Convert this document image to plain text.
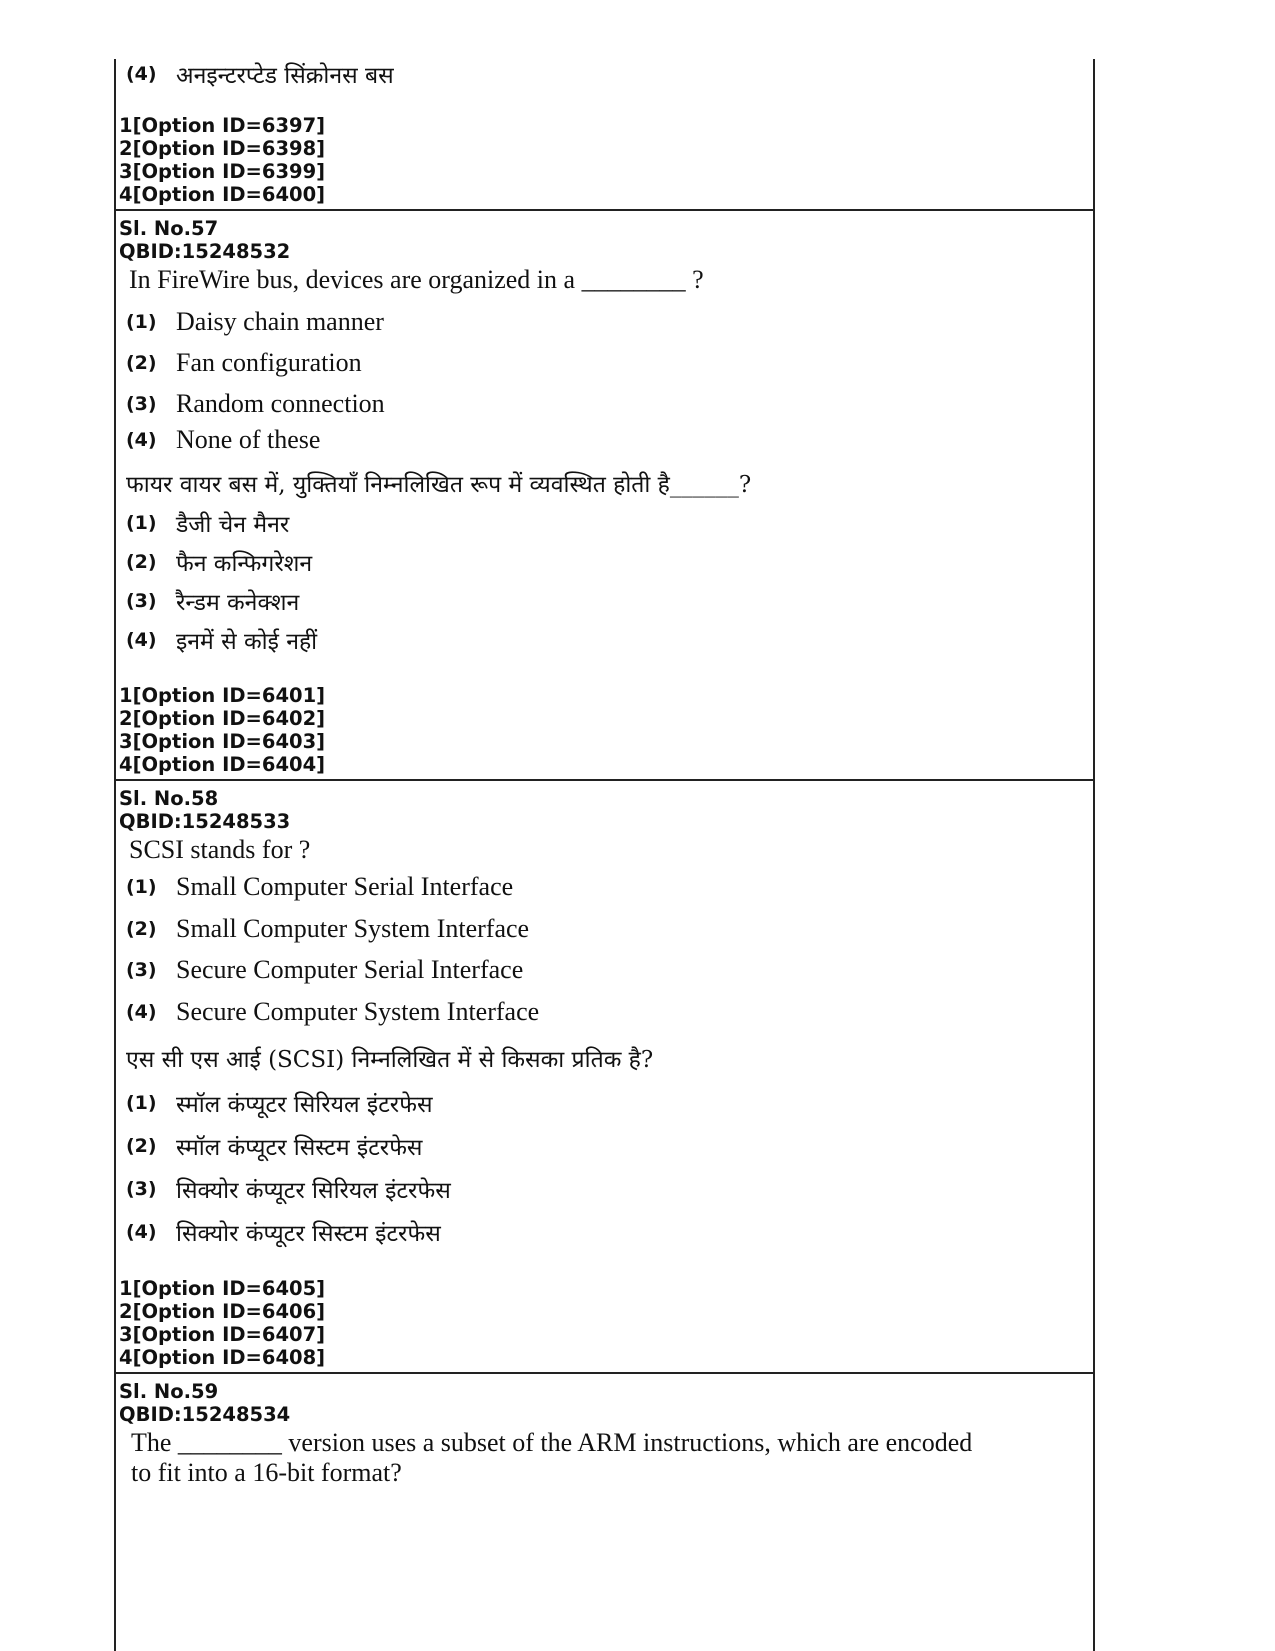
(4) अनइन्टरप्टेड सिंक्रोनस बस

1[Option ID=6397]

2[Option ID=6398]

3[Option ID=6399]

4[Option ID=6400]

Sl. No.57

QBID:15248532

In FireWire bus, devices are organized in a ________ ?
(1) Daisy chain manner
(2) Fan configuration
(3) Random connection
(4) None of these
फायर वायर बस में, युक्तियाँ निम्नलिखित रूप में व्यवस्थित होती है______?
(1) डैजी चेन मैनर
(2) फैन कन्फिगरेशन
(3) रैन्डम कनेक्शन
(4) इनमें से कोई नहीं

1[Option ID=6401]

2[Option ID=6402]

3[Option ID=6403]

4[Option ID=6404]

Sl. No.58

QBID:15248533

SCSI stands for ?
(1) Small Computer Serial Interface
(2) Small Computer System Interface
(3) Secure Computer Serial Interface
(4) Secure Computer System Interface
एस सी एस आई (SCSI) निम्नलिखित में से किसका प्रतिक है?
(1) स्मॉल कंप्यूटर सिरियल इंटरफेस
(2) स्मॉल कंप्यूटर सिस्टम इंटरफेस
(3) सिक्योर कंप्यूटर सिरियल इंटरफेस
(4) सिक्योर कंप्यूटर सिस्टम इंटरफेस

1[Option ID=6405]

2[Option ID=6406]

3[Option ID=6407]

4[Option ID=6408]

Sl. No.59

QBID:15248534

The ________ version uses a subset of the ARM instructions, which are encoded
to fit into a 16-bit format?
